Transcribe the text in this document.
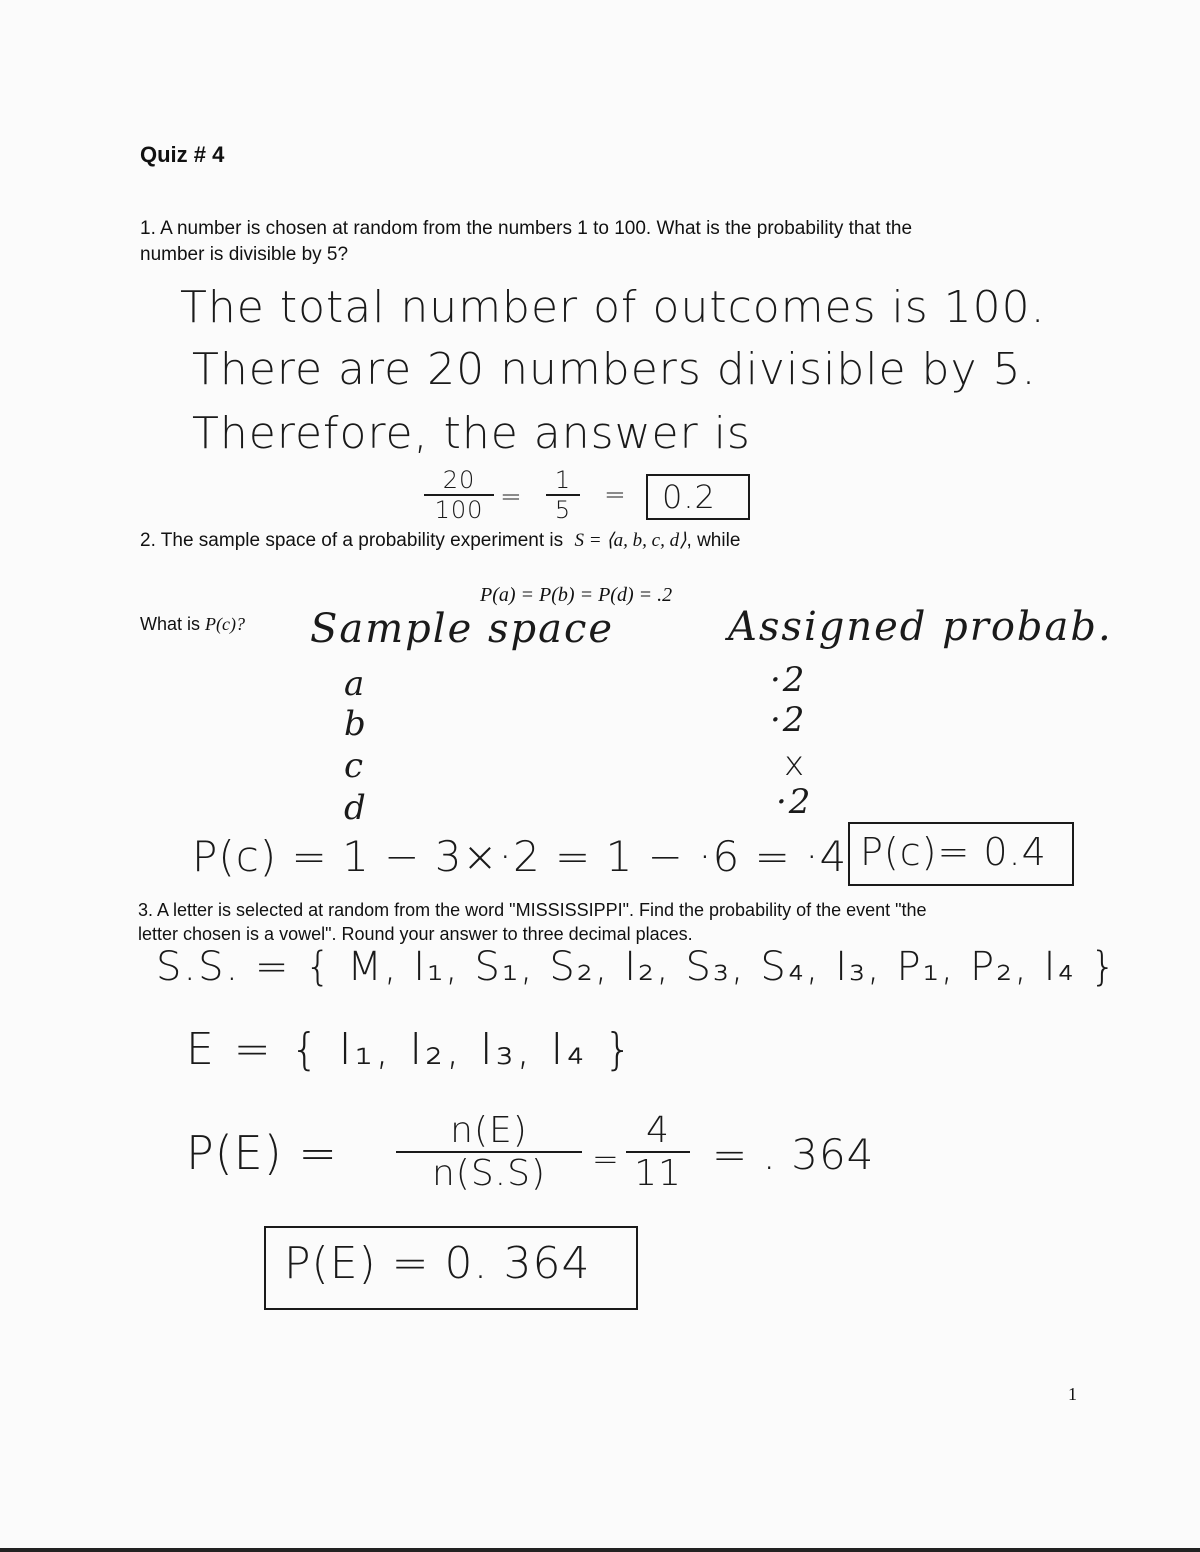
Quiz # 4
1. A number is chosen at random from the numbers 1 to 100. What is the probability that the
number is divisible by 5?
The total number of outcomes is 100.
There are 20 numbers divisible by 5.
Therefore, the answer is
$\frac{20}{100} = \frac{1}{5} = 0.2$
2. The sample space of a probability experiment is S = ⟨a, b, c, d⟩, while
P(a) = P(b) = P(d) = .2
What is P(c)? Sample space	Assigned probab.
a
b
c
d
·2
·2
x
·2
P(c) = 1 − 3×·2 = 1 − ·6 = ·4 P(c)= 0.4
3. A letter is selected at random from the word "MISSISSIPPI". Find the probability of the event "the
letter chosen is a vowel". Round your answer to three decimal places.
S.S. = { M, I₁, S₁, S₂, I₂, S₃, S₄, I₃, P₁, P₂, I₄ }
E = { I₁, I₂, I₃, I₄ }
$P(E) = \frac{n(E)}{n(S.S)} = \frac{4}{11}$ = . 364
P(E) = 0. 364
1
